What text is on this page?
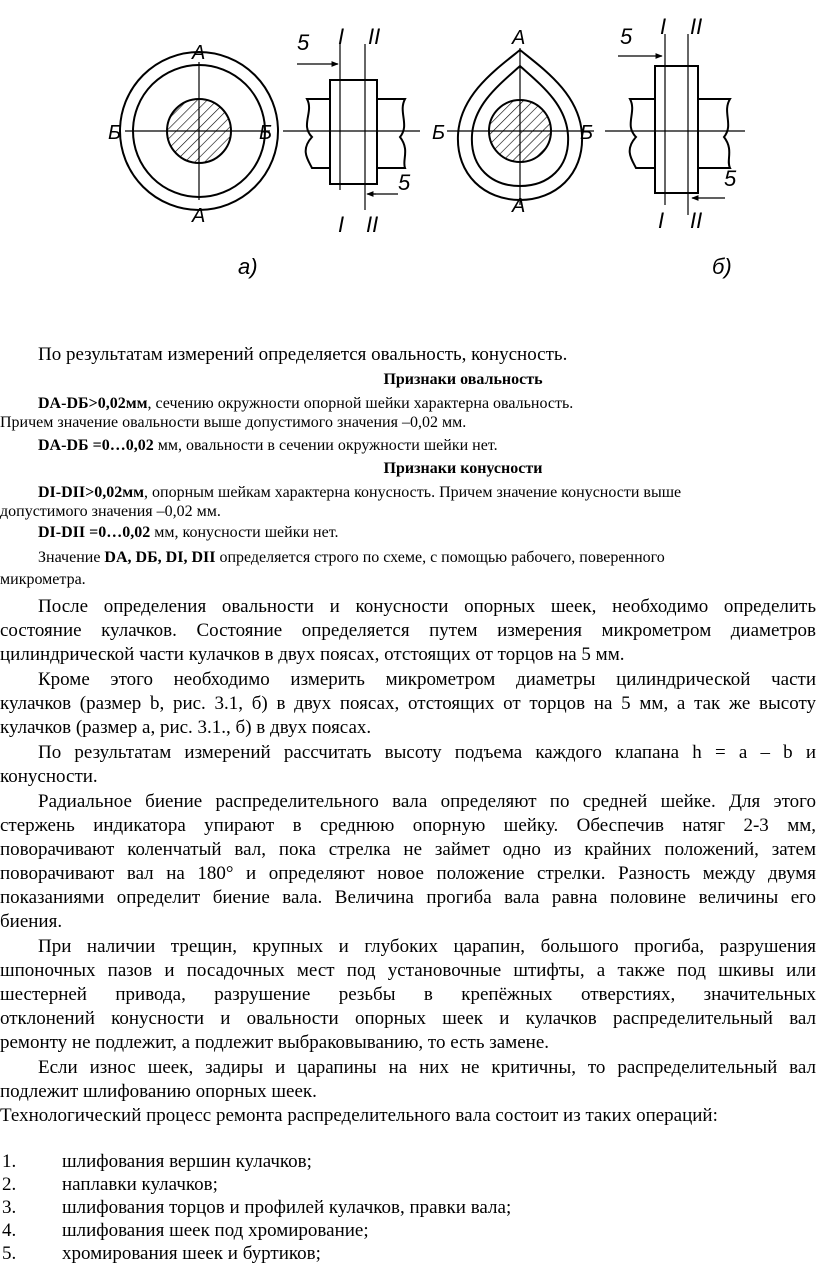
А
А
Б	Б
5 I II
5
I II
А
А
Б	Б
5 I II
5
I II
а)	б)
По результатам измерений определяется овальность, конусность.
Признаки овальность
DА-DБ>0,02мм, сечению окружности опорной шейки характерна овальность.
Причем значение овальности выше допустимого значения –0,02 мм.
DА-DБ =0…0,02 мм, овальности в сечении окружности шейки нет.
Признаки конусности
DI-DII>0,02мм, опорным шейкам характерна конусность. Причем значение конусности выше
допустимого значения –0,02 мм.
DI-DII =0…0,02 мм, конусности шейки нет.
Значение DА, DБ, DI, DII определяется строго по схеме, с помощью рабочего, поверенного
микрометра.
После определения овальности и конусности опорных шеек, необходимо определить
состояние кулачков. Состояние определяется путем измерения микрометром диаметров
цилиндрической части кулачков в двух поясах, отстоящих от торцов на 5 мм.
Кроме этого необходимо измерить микрометром диаметры цилиндрической части
кулачков (размер b, рис. 3.1, б) в двух поясах, отстоящих от торцов на 5 мм, а так же высоту
кулачков (размер а, рис. 3.1., б) в двух поясах.
По результатам измерений рассчитать высоту подъема каждого клапана h = a – b и
конусности.
Радиальное биение распределительного вала определяют по средней шейке. Для этого
стержень индикатора упирают в среднюю опорную шейку. Обеспечив натяг 2-3 мм,
поворачивают коленчатый вал, пока стрелка не займет одно из крайних положений, затем
поворачивают вал на 180° и определяют новое положение стрелки. Разность между двумя
показаниями определит биение вала. Величина прогиба вала равна половине величины его
биения.
При наличии трещин, крупных и глубоких царапин, большого прогиба, разрушения
шпоночных пазов и посадочных мест под установочные штифты, а также под шкивы или
шестерней привода, разрушение резьбы в крепёжных отверстиях, значительных
отклонений конусности и овальности опорных шеек и кулачков распределительный вал
ремонту не подлежит, а подлежит выбраковыванию, то есть замене.
Если износ шеек, задиры и царапины на них не критичны, то распределительный вал
подлежит шлифованию опорных шеек.
Технологический процесс ремонта распределительного вала состоит из таких операций:
1. шлифования вершин кулачков;
2. наплавки кулачков;
3. шлифования торцов и профилей кулачков, правки вала;
4. шлифования шеек под хромирование;
5. хромирования шеек и буртиков;
